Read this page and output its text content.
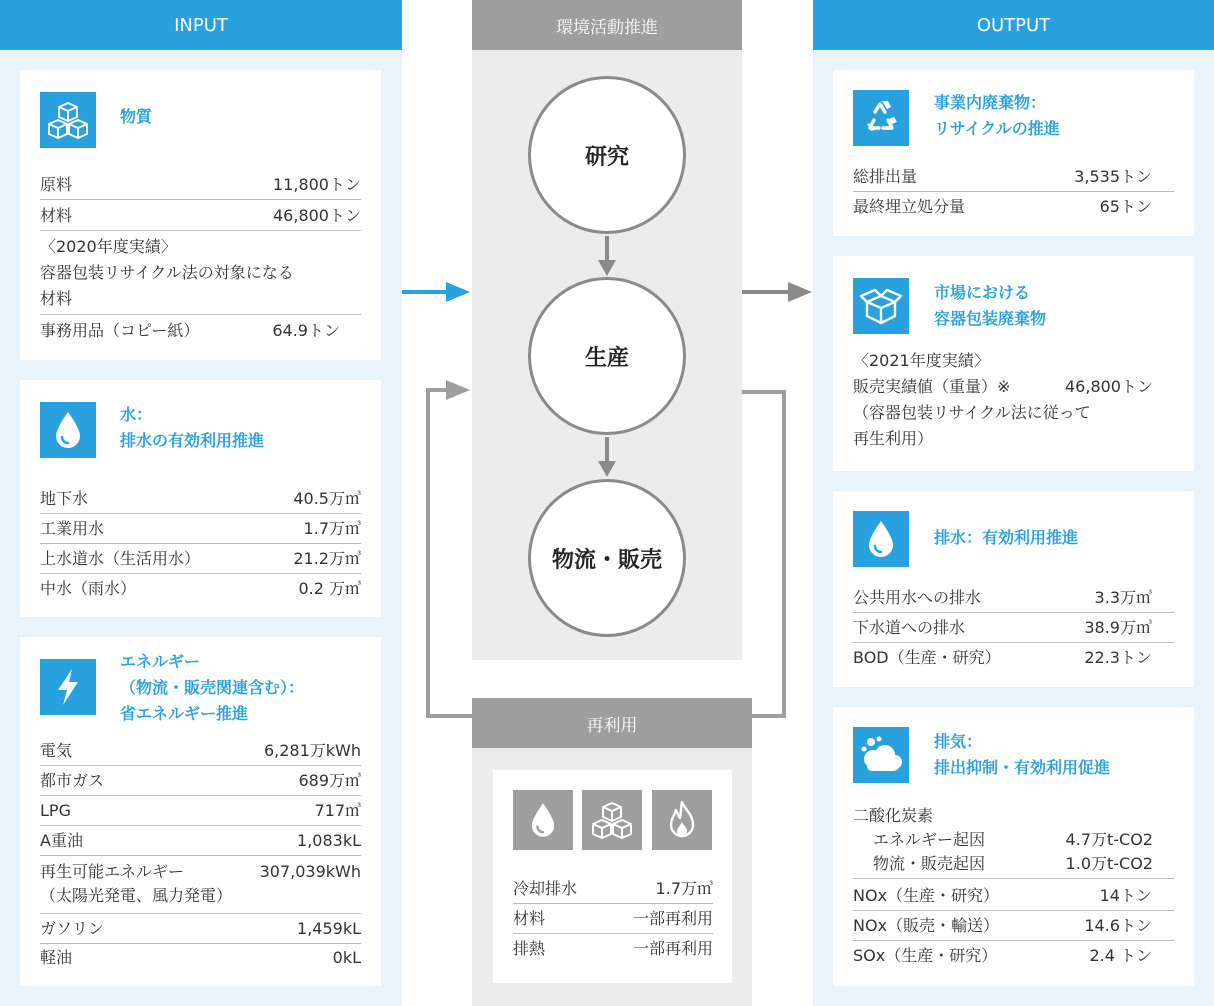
INPUT
物質
原料	11,800トン
材料	46,800トン
〈2020年度実績〉
容器包装リサイクル法の対象になる
材料
事務用品（コピー紙）	64.9トン
水：
排水の有効利用推進
地下水	40.5万㎥
工業用水	1.7万㎥
上水道水（生活用水）	21.2万㎥
中水（雨水）	0.2 万㎥
エネルギー
（物流・販売関連含む）：
省エネルギー推進
電気	6,281万kWh
都市ガス	689万㎥
LPG	717㎥
A重油	1,083kL
再生可能エネルギー	307,039kWh
（太陽光発電、風力発電）
ガソリン	1,459kL
軽油	0kL
環境活動推進
研究
生産
物流・販売
再利用
冷却排水	1.7万㎥
材料	一部再利用
排熱	一部再利用
OUTPUT
事業内廃棄物：
リサイクルの推進
総排出量	3,535トン
最終埋立処分量	65トン
市場における
容器包装廃棄物
〈2021年度実績〉
販売実績値（重量）※	46,800トン
（容器包装リサイクル法に従って
再生利用）
排水：有効利用推進
公共用水への排水	3.3万㎥
下水道への排水	38.9万㎥
BOD（生産・研究）	22.3トン
排気：
排出抑制・有効利用促進
二酸化炭素
エネルギー起因	4.7万t-CO2
物流・販売起因	1.0万t-CO2
NOx（生産・研究）	14トン
NOx（販売・輸送）	14.6トン
SOx（生産・研究）	2.4 トン
